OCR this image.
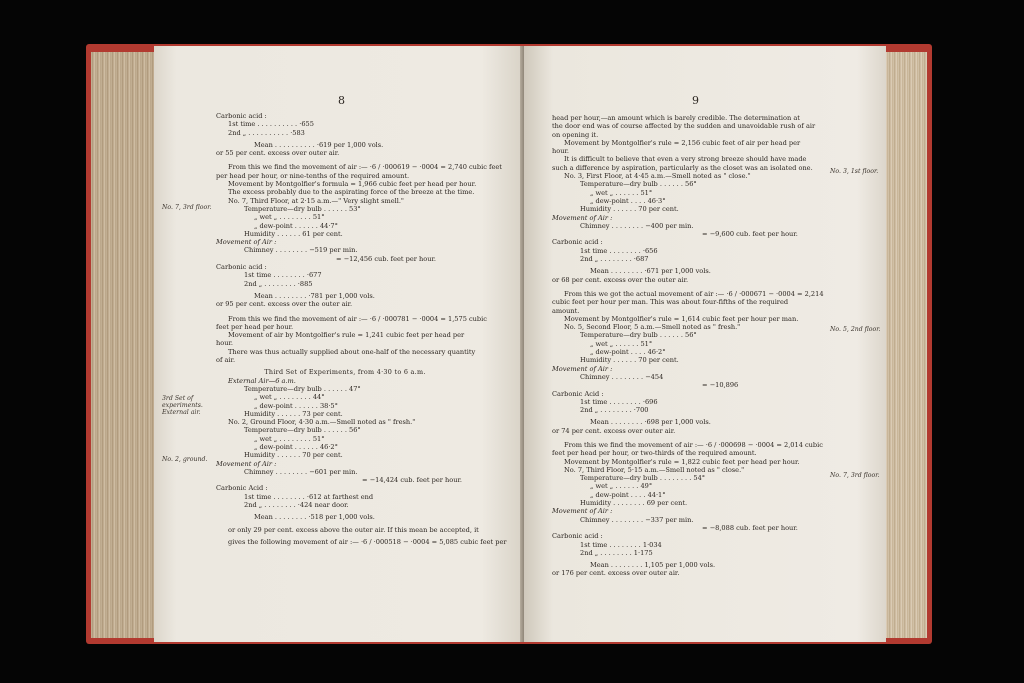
8
No. 7, 3rd floor.
3rd Set of experiments. External air.
No. 2, ground.
Carbonic acid :
1st time . . . . . . . . . . ·655
2nd „ . . . . . . . . . . ·583
Mean . . . . . . . . . . ·619 per 1,000 vols.
or 55 per cent. excess over outer air.
From this we find the movement of air :— ·6 / ·000619 − ·0004 = 2,740 cubic feet
per head per hour, or nine-tenths of the required amount.
Movement by Montgolfier's formula = 1,966 cubic feet per head per hour.
The excess probably due to the aspirating force of the breeze at the time.
No. 7, Third Floor, at 2·15 a.m.—" Very slight smell."
Temperature—dry bulb . . . . . . 53°
„ wet „ . . . . . . . . 51°
„ dew-point . . . . . . 44·7°
Humidity . . . . . . 61 per cent.
Movement of Air :
Chimney . . . . . . . . −519 per min.
= −12,456 cub. feet per hour.
Carbonic acid :
1st time . . . . . . . . ·677
2nd „ . . . . . . . . ·885
Mean . . . . . . . . ·781 per 1,000 vols.
or 95 per cent. excess over the outer air.
From this we find the movement of air :— ·6 / ·000781 − ·0004 = 1,575 cubic
feet per head per hour.
Movement of air by Montgolfier's rule = 1,241 cubic feet per head per
hour.
There was thus actually supplied about one-half of the necessary quantity
of air.
Third Set of Experiments, from 4·30 to 6 a.m.
External Air—6 a.m.
Temperature—dry bulb . . . . . . 47°
„ wet „ . . . . . . . . 44°
„ dew-point . . . . . . 38·5°
Humidity . . . . . . 73 per cent.
No. 2, Ground Floor, 4·30 a.m.—Smell noted as " fresh."
Temperature—dry bulb . . . . . . 56°
„ wet „ . . . . . . . . 51°
„ dew-point . . . . . . 46·2°
Humidity . . . . . . 70 per cent.
Movement of Air :
Chimney . . . . . . . . −601 per min.
= −14,424 cub. feet per hour.
Carbonic Acid :
1st time . . . . . . . . ·612 at farthest end
2nd „ . . . . . . . . ·424 near door.
Mean . . . . . . . . ·518 per 1,000 vols.
or only 29 per cent. excess above the outer air. If this mean be accepted, it
gives the following movement of air :— ·6 / ·000518 − ·0004 = 5,085 cubic feet per
9
No. 3, 1st floor.
No. 5, 2nd floor.
No. 7, 3rd floor.
head per hour,—an amount which is barely credible. The determination at
the door end was of course affected by the sudden and unavoidable rush of air
on opening it.
Movement by Montgolfier's rule = 2,156 cubic feet of air per head per
hour.
It is difficult to believe that even a very strong breeze should have made
such a difference by aspiration, particularly as the closet was an isolated one.
No. 3, First Floor, at 4·45 a.m.—Smell noted as " close."
Temperature—dry bulb . . . . . . 56°
„ wet „ . . . . . . 51°
„ dew-point . . . . 46·3°
Humidity . . . . . . 70 per cent.
Movement of Air :
Chimney . . . . . . . . −400 per min.
= −9,600 cub. feet per hour.
Carbonic acid :
1st time . . . . . . . . ·656
2nd „ . . . . . . . . ·687
Mean . . . . . . . . ·671 per 1,000 vols.
or 68 per cent. excess over the outer air.
From this we got the actual movement of air :— ·6 / ·000671 − ·0004 = 2,214
cubic feet per hour per man. This was about four-fifths of the required
amount.
Movement by Montgolfier's rule = 1,614 cubic feet per hour per man.
No. 5, Second Floor, 5 a.m.—Smell noted as " fresh."
Temperature—dry bulb . . . . . . 56°
„ wet „ . . . . . . 51°
„ dew-point . . . . 46·2°
Humidity . . . . . . 70 per cent.
Movement of Air :
Chimney . . . . . . . . −454
= −10,896
Carbonic Acid :
1st time . . . . . . . . ·696
2nd „ . . . . . . . . ·700
Mean . . . . . . . . ·698 per 1,000 vols.
or 74 per cent. excess over outer air.
From this we find the movement of air :— ·6 / ·000698 − ·0004 = 2,014 cubic
feet per head per hour, or two-thirds of the required amount.
Movement by Montgolfier's rule = 1,822 cubic feet per head per hour.
No. 7, Third Floor, 5·15 a.m.—Smell noted as " close."
Temperature—dry bulb . . . . . . . . 54°
„ wet „ . . . . . . 49°
„ dew-point . . . . 44·1°
Humidity . . . . . . . . 69 per cent.
Movement of Air :
Chimney . . . . . . . . −337 per min.
= −8,088 cub. feet per hour.
Carbonic acid :
1st time . . . . . . . . 1·034
2nd „ . . . . . . . . 1·175
Mean . . . . . . . . 1,105 per 1,000 vols.
or 176 per cent. excess over outer air.
